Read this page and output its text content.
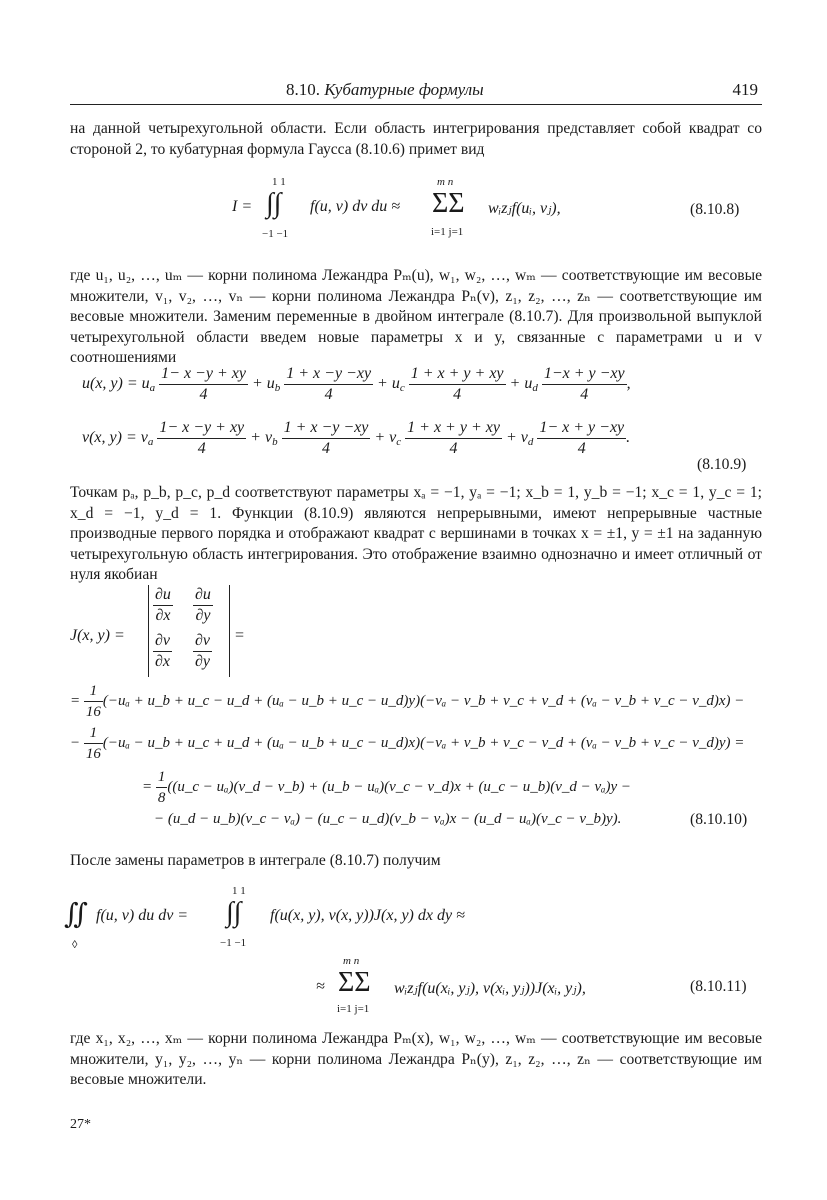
8.10. Кубатурные формулы	419
на данной четырехугольной области. Если область интегрирования представляет собой квадрат со стороной 2, то кубатурная формула Гаусса (8.10.6) примет вид
I =
1 1
∫∫
−1 −1
f(u, v) dv du ≈
m n
ΣΣ
i=1 j=1
wᵢzⱼf(uᵢ, vⱼ),	(8.10.8)
где u₁, u₂, …, uₘ — корни полинома Лежандра Pₘ(u), w₁, w₂, …, wₘ — соответствующие им весовые множители, v₁, v₂, …, vₙ — корни полинома Лежандра Pₙ(v), z₁, z₂, …, zₙ — соответствующие им весовые множители. Заменим переменные в двойном интеграле (8.10.7). Для произвольной выпуклой четырехугольной области введем новые параметры x и y, связанные с параметрами u и v соотношениями
u(x, $y) = u_a \frac{1- x -y + xy}{4} + u_b \frac{1 + x -y -xy}{4} + u_c \frac{1 + x + y + xy}{4} + u_d \frac{1-x + y -xy}{4}$ ,
v(x, $y) = v_a \frac{1- x -y + xy}{4} + v_b \frac{1 + x -y -xy}{4} + v_c \frac{1 + x + y + xy}{4} + v_d \frac{1- x + y -xy}{4}$ .
(8.10.9)
Точкам pₐ, p_b, p_c, p_d соответствуют параметры xₐ = −1, yₐ = −1; x_b = 1, y_b = −1; x_c = 1, y_c = 1; x_d = −1, y_d = 1. Функции (8.10.9) являются непрерывными, имеют непрерывные частные производные первого порядка и отображают квадрат с вершинами в точках x = ±1, y = ±1 на заданную четырехугольную область интегрирования. Это отображение взаимно однозначно и имеет отличный от нуля якобиан
J(x, y) =
$\frac{\partial u}{\partial x} \frac{\partial u}{\partial y}$
$\frac{\partial v}{\partial x} \frac{\partial v}{\partial y}$ =
= $\frac{1}{16} (-u_a$ + u_b + u_c − u_d + (uₐ − u_b + u_c − u_d)y)(−vₐ − v_b + v_c + v_d + (vₐ − v_b + v_c − v_d)x) −
− $\frac{1}{16} (-u_a$ − u_b + u_c + u_d + (uₐ − u_b + u_c − u_d)x)(−vₐ + v_b + v_c − v_d + (vₐ − v_b + v_c − v_d)y) =
= $\frac{1}{8}$ ((u_c − uₐ)(v_d − v_b) + (u_b − uₐ)(v_c − v_d)x + (u_c − u_b)(v_d − vₐ)y −
− (u_d − u_b)(v_c − vₐ) − (u_c − u_d)(v_b − vₐ)x − (u_d − uₐ)(v_c − v_b)y).	(8.10.10)
После замены параметров в интеграле (8.10.7) получим
∬
◊
f(u, v) du dv =
1 1
∫∫
−1 −1
f(u(x, y), v(x, y))J(x, y) dx dy ≈
≈
m n
ΣΣ
i=1 j=1
wᵢzⱼf(u(xᵢ, yⱼ), v(xᵢ, yⱼ))J(xᵢ, yⱼ),	(8.10.11)
где x₁, x₂, …, xₘ — корни полинома Лежандра Pₘ(x), w₁, w₂, …, wₘ — соответствующие им весовые множители, y₁, y₂, …, yₙ — корни полинома Лежандра Pₙ(y), z₁, z₂, …, zₙ — соответствующие им весовые множители.
27*
